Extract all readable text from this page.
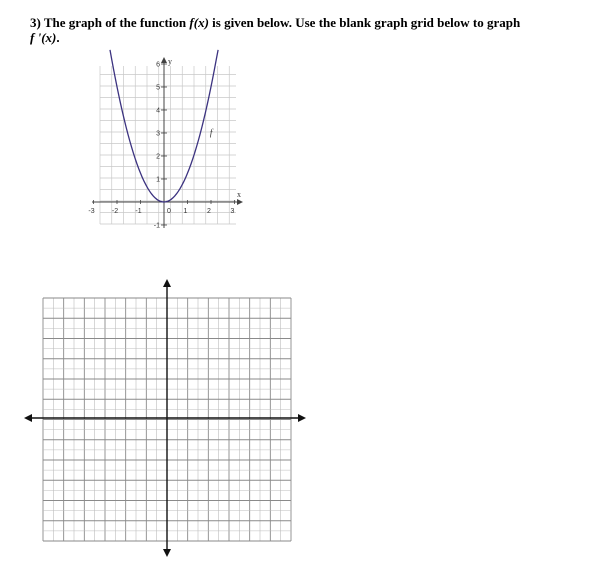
3) The graph of the function f(x) is given below. Use the blank graph grid below to graph
f '(x).
y
x
-3 -2 -1	0 1	2	3
-1
1
2
3
4
5
6
f
